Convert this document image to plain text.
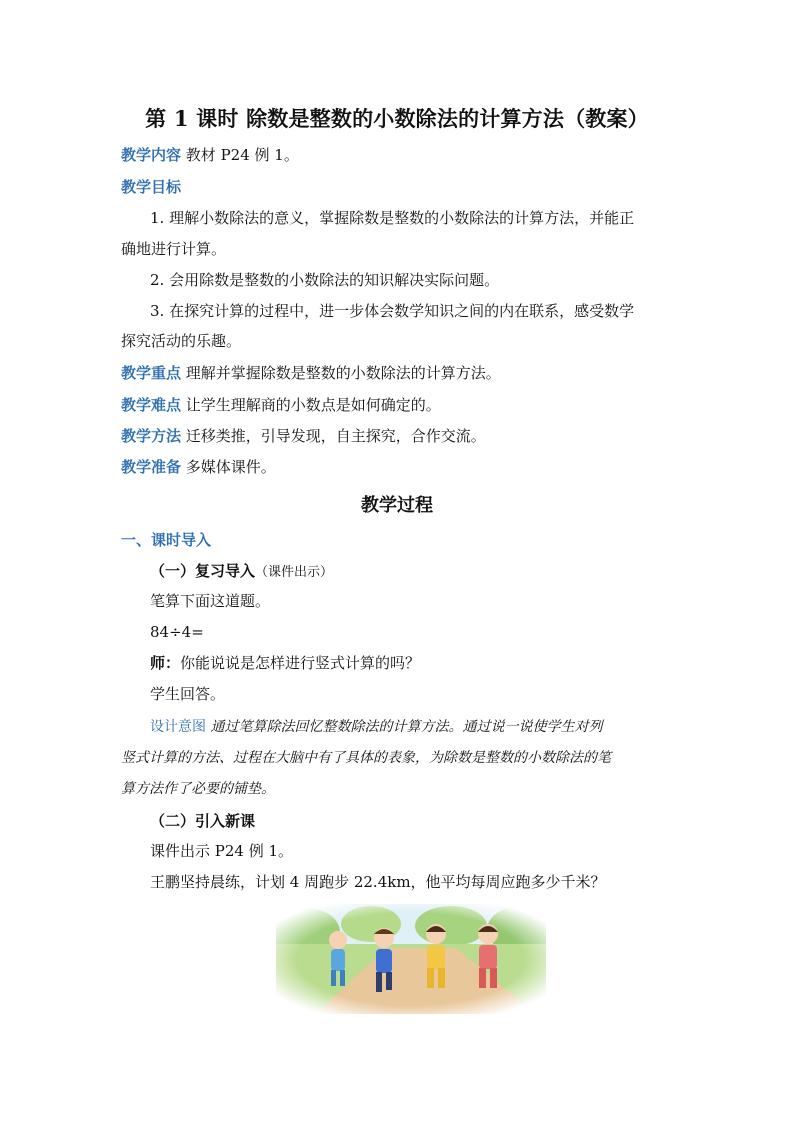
第 1 课时 除数是整数的小数除法的计算方法（教案）
教学内容 教材 P24 例 1。
教学目标
1. 理解小数除法的意义，掌握除数是整数的小数除法的计算方法，并能正
确地进行计算。
2. 会用除数是整数的小数除法的知识解决实际问题。
3. 在探究计算的过程中，进一步体会数学知识之间的内在联系，感受数学
探究活动的乐趣。
教学重点 理解并掌握除数是整数的小数除法的计算方法。
教学难点 让学生理解商的小数点是如何确定的。
教学方法 迁移类推，引导发现，自主探究，合作交流。
教学准备 多媒体课件。
教学过程
一、课时导入
（一）复习导入（课件出示）
笔算下面这道题。
84÷4=
师：你能说说是怎样进行竖式计算的吗？
学生回答。
设计意图 通过笔算除法回忆整数除法的计算方法。通过说一说使学生对列
竖式计算的方法、过程在大脑中有了具体的表象，为除数是整数的小数除法的笔
算方法作了必要的铺垫。
（二）引入新课
课件出示 P24 例 1。
王鹏坚持晨练，计划 4 周跑步 22.4km，他平均每周应跑多少千米？
